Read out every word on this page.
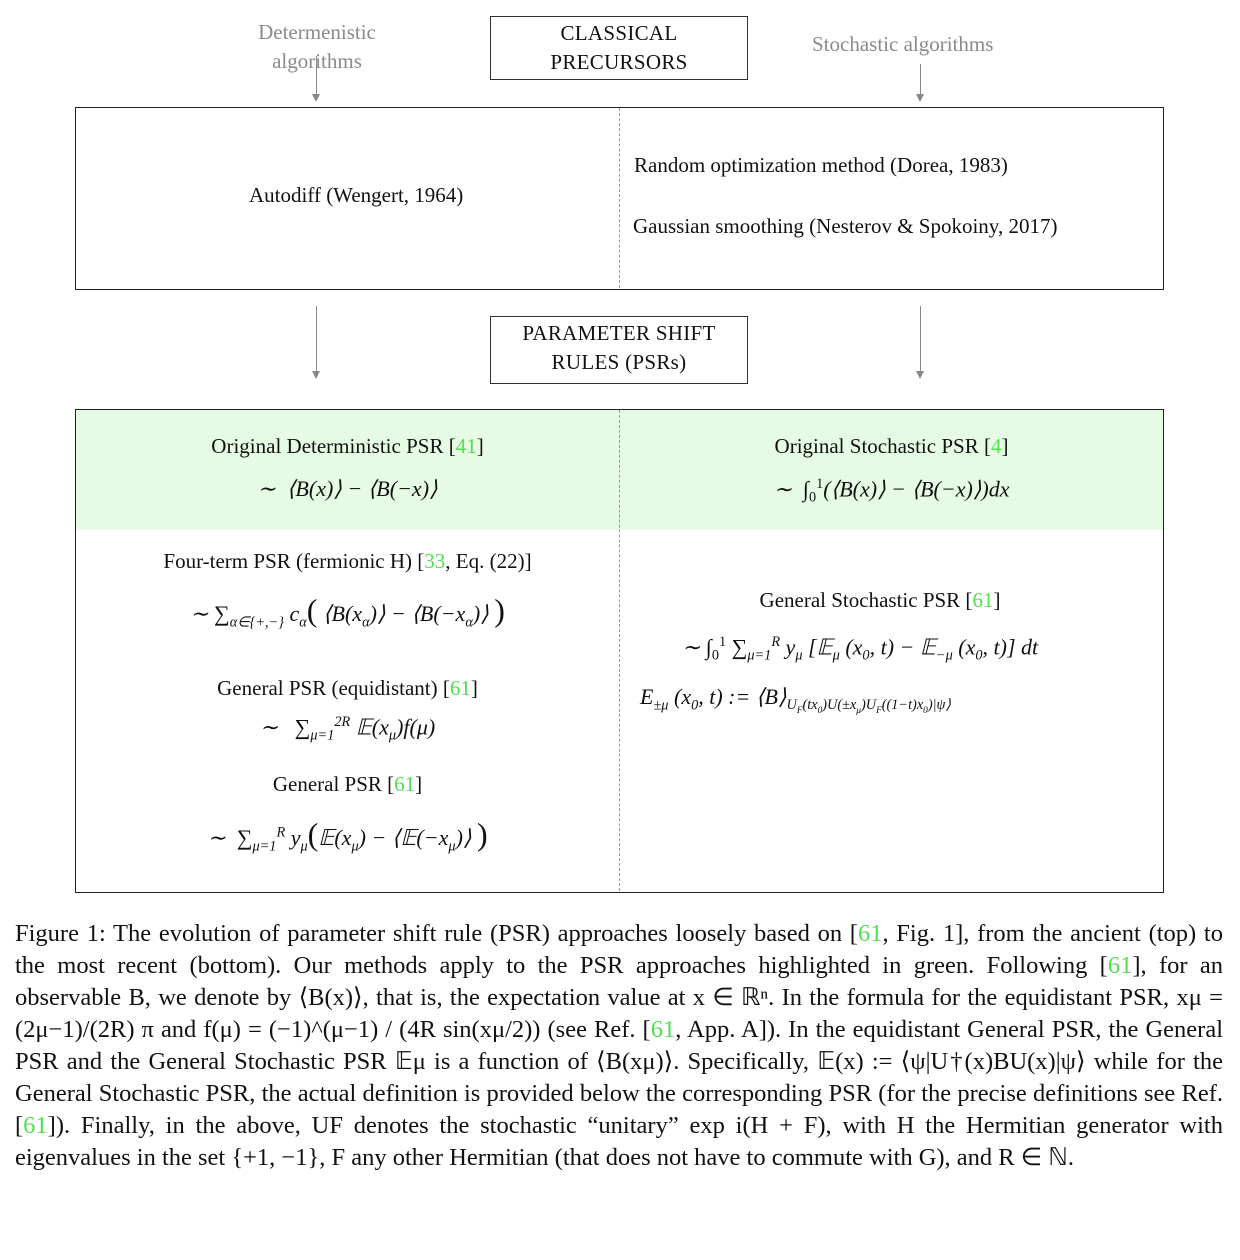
Determenistic
algorithms
CLASSICAL
PRECURSORS
Stochastic algorithms
Autodiff (Wengert, 1964)
Random optimization method (Dorea, 1983)
Gaussian smoothing (Nesterov & Spokoiny, 2017)
PARAMETER SHIFT
RULES (PSRs)
Original Deterministic PSR [41]
∼  ⟨B(x)⟩ − ⟨B(−x)⟩
Original Stochastic PSR [4]
∼  $\int_0^1(⟨B(x)⟩$ − ⟨B(−x)⟩)dx
Four-term PSR (fermionic H) [33, Eq. (22)]
∼ $\sum_{\alpha\in\{+,-\}}$ $c_\alpha$( $⟨B(x_\alpha)⟩$ − $⟨B(-x_\alpha)⟩$ )
General PSR (equidistant) [61]
∼   $\sum_{\mu=1}^{2R}$ $𝔼(x_\mu)f(\mu)$
General PSR [61]
∼  $\sum_{\mu=1}^R$ $y_\mu(𝔼(x_\mu)$ − $⟨𝔼(-x_\mu)⟩$ )
General Stochastic PSR [61]
∼ $\int_0^1$ $\sum_{\mu=1}^R$ $y_\mu$ [𝔼$_\mu$ ($x_0$, t) − 𝔼$_{-\mu}$ ($x_0$, t)] dt
$E_{\pm\mu}$ ($x_0$, t) := $⟨B⟩_{U_F(tx_0)U(\pm x_\mu)U_F((1-t)x_0)|\psi⟩}$
Figure 1: The evolution of parameter shift rule (PSR) approaches loosely based on [61, Fig. 1], from the ancient (top) to the most recent (bottom). Our methods apply to the PSR approaches highlighted in green. Following [61], for an observable B, we denote by ⟨B(x)⟩, that is, the expectation value at x ∈ ℝⁿ. In the formula for the equidistant PSR, xμ = (2μ−1)/(2R) π and f(μ) = (−1)^(μ−1) / (4R sin(xμ/2)) (see Ref. [61, App. A]). In the equidistant General PSR, the General PSR and the General Stochastic PSR 𝔼μ is a function of ⟨B(xμ)⟩. Specifically, 𝔼(x) := ⟨ψ|U†(x)BU(x)|ψ⟩ while for the General Stochastic PSR, the actual definition is provided below the corresponding PSR (for the precise definitions see Ref. [61]). Finally, in the above, UF denotes the stochastic “unitary” exp i(H + F), with H the Hermitian generator with eigenvalues in the set {+1, −1}, F any other Hermitian (that does not have to commute with G), and R ∈ ℕ.
